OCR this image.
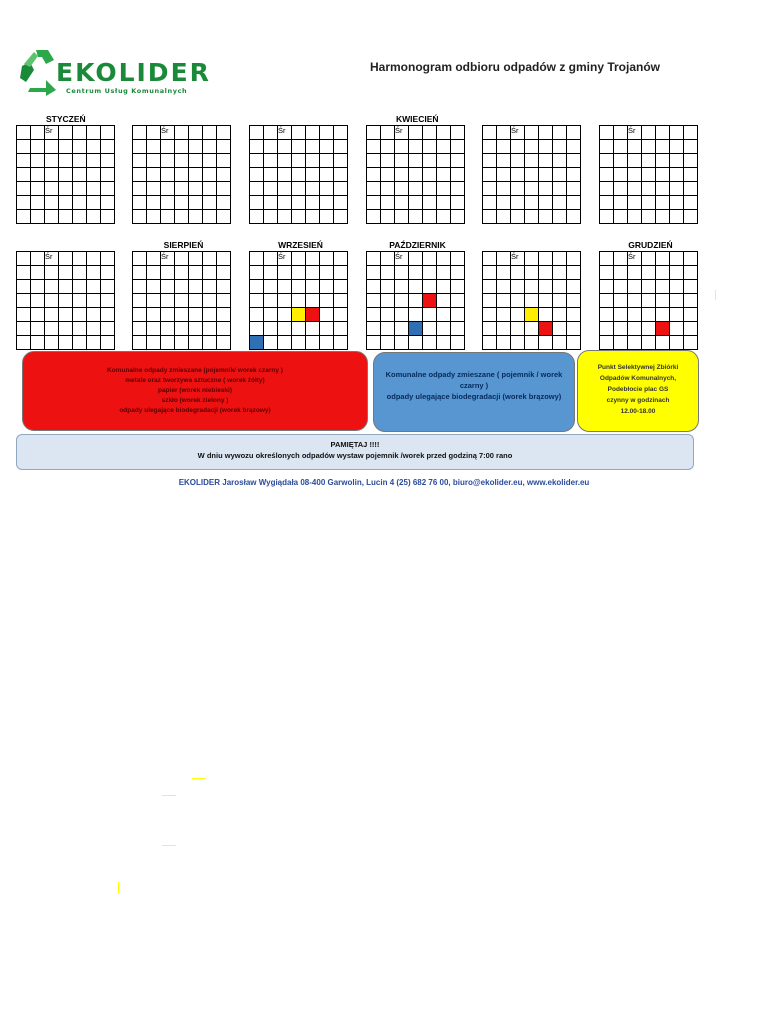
EKOLIDER
Centrum Usług Komunalnych
Harmonogram odbioru odpadów z gminy Trojanów
STYCZEŃ
		Śr				

			Śr				

			Śr				

KWIECIEŃ
		Śr				

			Śr				

			Śr				

		Śr				

SIERPIEŃ
		Śr				

WRZESIEŃ
		Śr				

PAŹDZIERNIK
		Śr				

			Śr				

GRUDZIEŃ
		Śr				

Komunalne odpady zmieszane (pojemnik/ worek czarny )
metale oraz tworzywa sztuczne ( worek żółty)
papier (worek niebieski)
szkło (worek zielony )
odpady ulegające biodegradacji (worek brązowy)
Komunalne odpady zmieszane ( pojemnik / worek czarny )
odpady ulegające biodegradacji (worek brązowy)
Punkt Selektywnej Zbiórki
Odpadów Komunalnych,
Podebłocie plac GS
czynny w godzinach
12.00-18.00
PAMIĘTAJ !!!!
W dniu wywozu określonych odpadów wystaw pojemnik /worek przed godziną 7:00 rano
EKOLIDER Jarosław Wygiądała 08-400 Garwolin, Lucin 4 (25) 682 76 00, biuro@ekolider.eu, www.ekolider.eu
